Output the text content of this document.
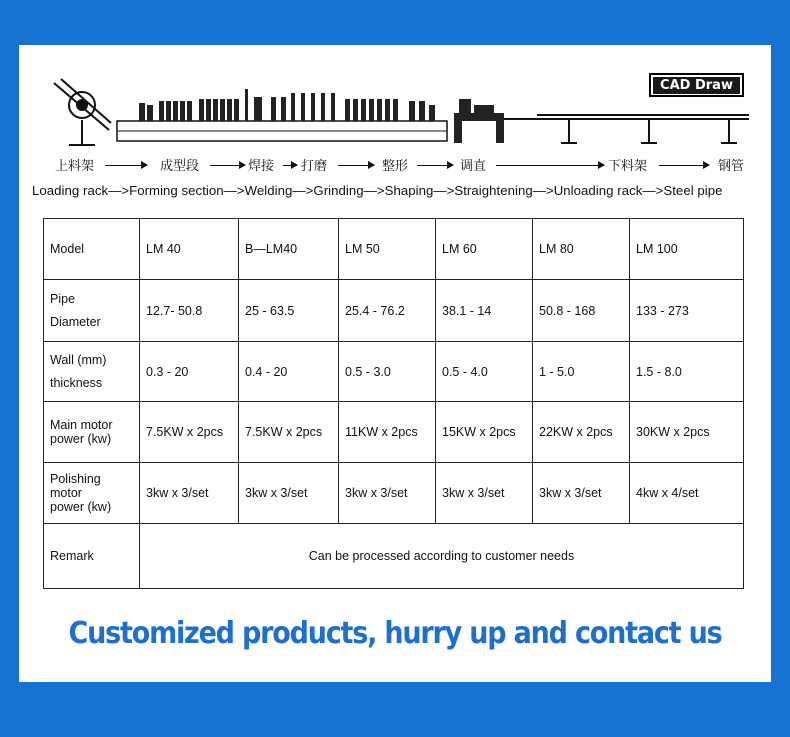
CAD Draw
上料架	成型段	焊接 打磨	整形	调直	下料架	钢管
Loading rack—>Forming section—>Welding—>Grinding—>Shaping—>Straightening—>Unloading rack—>Steel pipe
Model	LM 40	B—LM40	LM 50	LM 60	LM 80	LM 100
Pipe
Diameter	12.7- 50.8	25 - 63.5	25.4 - 76.2	38.1 - 14	50.8 - 168	133 - 273
Wall (mm)
thickness	0.3 - 20	0.4 - 20	0.5 - 3.0	0.5 - 4.0	1 - 5.0	1.5 - 8.0
Main motor
power (kw)	7.5KW x 2pcs	7.5KW x 2pcs	11KW x 2pcs	15KW x 2pcs	22KW x 2pcs	30KW x 2pcs
Polishing motor
power (kw)	3kw x 3/set	3kw x 3/set	3kw x 3/set	3kw x 3/set	3kw x 3/set	4kw x 4/set
Remark	Can be processed according to customer needs					
Customized products, hurry up and contact us
